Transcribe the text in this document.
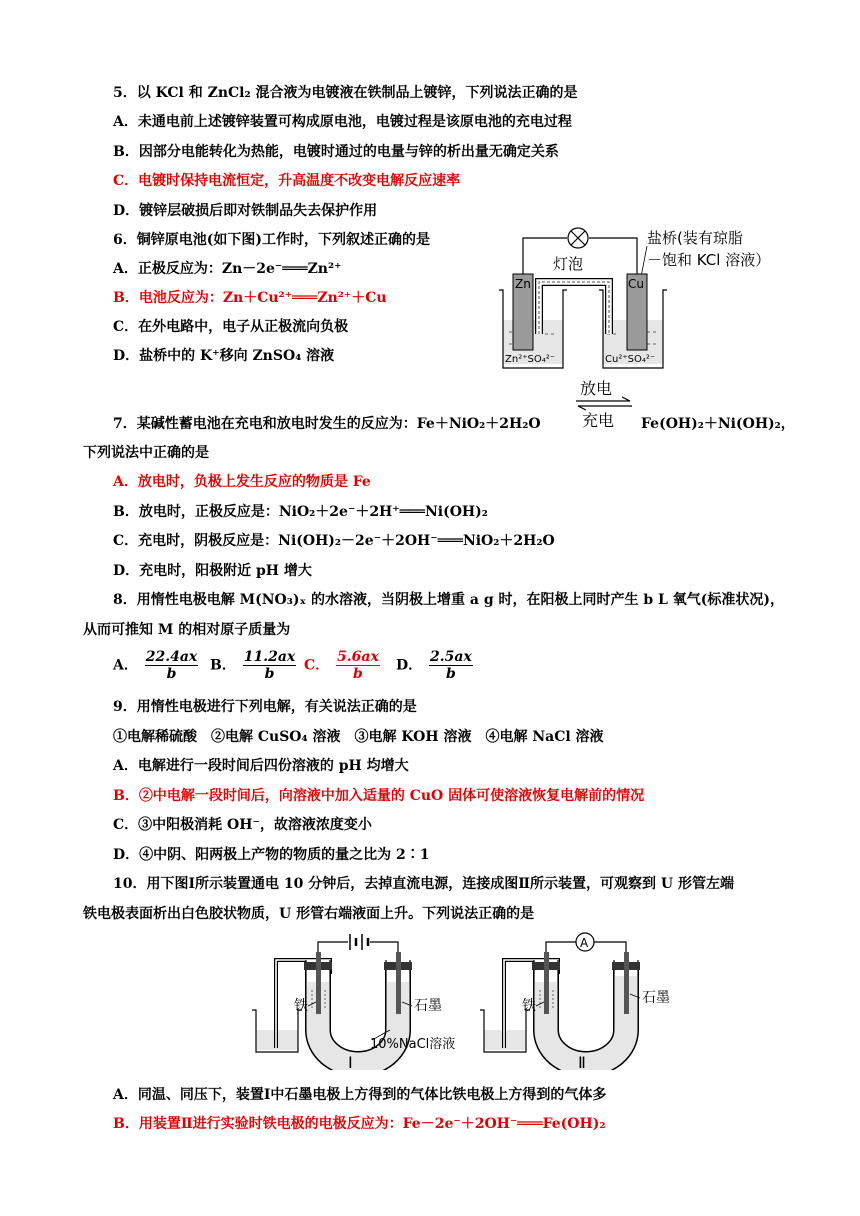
5．以 KCl 和 ZnCl₂ 混合液为电镀液在铁制品上镀锌，下列说法正确的是
A．未通电前上述镀锌装置可构成原电池，电镀过程是该原电池的充电过程
B．因部分电能转化为热能，电镀时通过的电量与锌的析出量无确定关系
C．电镀时保持电流恒定，升高温度不改变电解反应速率
D．镀锌层破损后即对铁制品失去保护作用
6．铜锌原电池(如下图)工作时，下列叙述正确的是
A．正极反应为：Zn－2e⁻═══Zn²⁺
B．电池反应为：Zn＋Cu²⁺═══Zn²⁺＋Cu
C．在外电路中，电子从正极流向负极
D．盐桥中的 K⁺移向 ZnSO₄ 溶液
灯泡
盐桥(装有琼脂
－饱和 KCl 溶液）
Zn	Cu
Zn²⁺SO₄²⁻	Cu²⁺SO₄²⁻
放电
充电
7．某碱性蓄电池在充电和放电时发生的反应为：Fe＋NiO₂＋2H₂O	Fe(OH)₂＋Ni(OH)₂，
下列说法中正确的是
A．放电时，负极上发生反应的物质是 Fe
B．放电时，正极反应是：NiO₂＋2e⁻＋2H⁺═══Ni(OH)₂
C．充电时，阴极反应是：Ni(OH)₂－2e⁻＋2OH⁻═══NiO₂＋2H₂O
D．充电时，阳极附近 pH 增大
8．用惰性电极电解 M(NO₃)ₓ 的水溶液，当阴极上增重 a g 时，在阳极上同时产生 b L 氧气(标准状况)，
从而可推知 M 的相对原子质量为
A． $\frac{22.4ax}{b}$ B． $\frac{11.2ax}{b}$ C． $\frac{5.6ax}{b}$ D． $\frac{2.5ax}{b}$
9．用惰性电极进行下列电解，有关说法正确的是
①电解稀硫酸　②电解 CuSO₄ 溶液　③电解 KOH 溶液　④电解 NaCl 溶液
A．电解进行一段时间后四份溶液的 pH 均增大
B．②中电解一段时间后，向溶液中加入适量的 CuO 固体可使溶液恢复电解前的情况
C．③中阳极消耗 OH⁻，故溶液浓度变小
D．④中阴、阳两极上产物的物质的量之比为 2∶1
10．用下图Ⅰ所示装置通电 10 分钟后，去掉直流电源，连接成图Ⅱ所示装置，可观察到 U 形管左端
铁电极表面析出白色胶状物质，U 形管右端液面上升。下列说法正确的是
铁	石墨
10%NaCl溶液
Ⅰ
A
铁	石墨
Ⅱ
A．同温、同压下，装置Ⅰ中石墨电极上方得到的气体比铁电极上方得到的气体多
B．用装置Ⅱ进行实验时铁电极的电极反应为：Fe－2e⁻＋2OH⁻═══Fe(OH)₂
